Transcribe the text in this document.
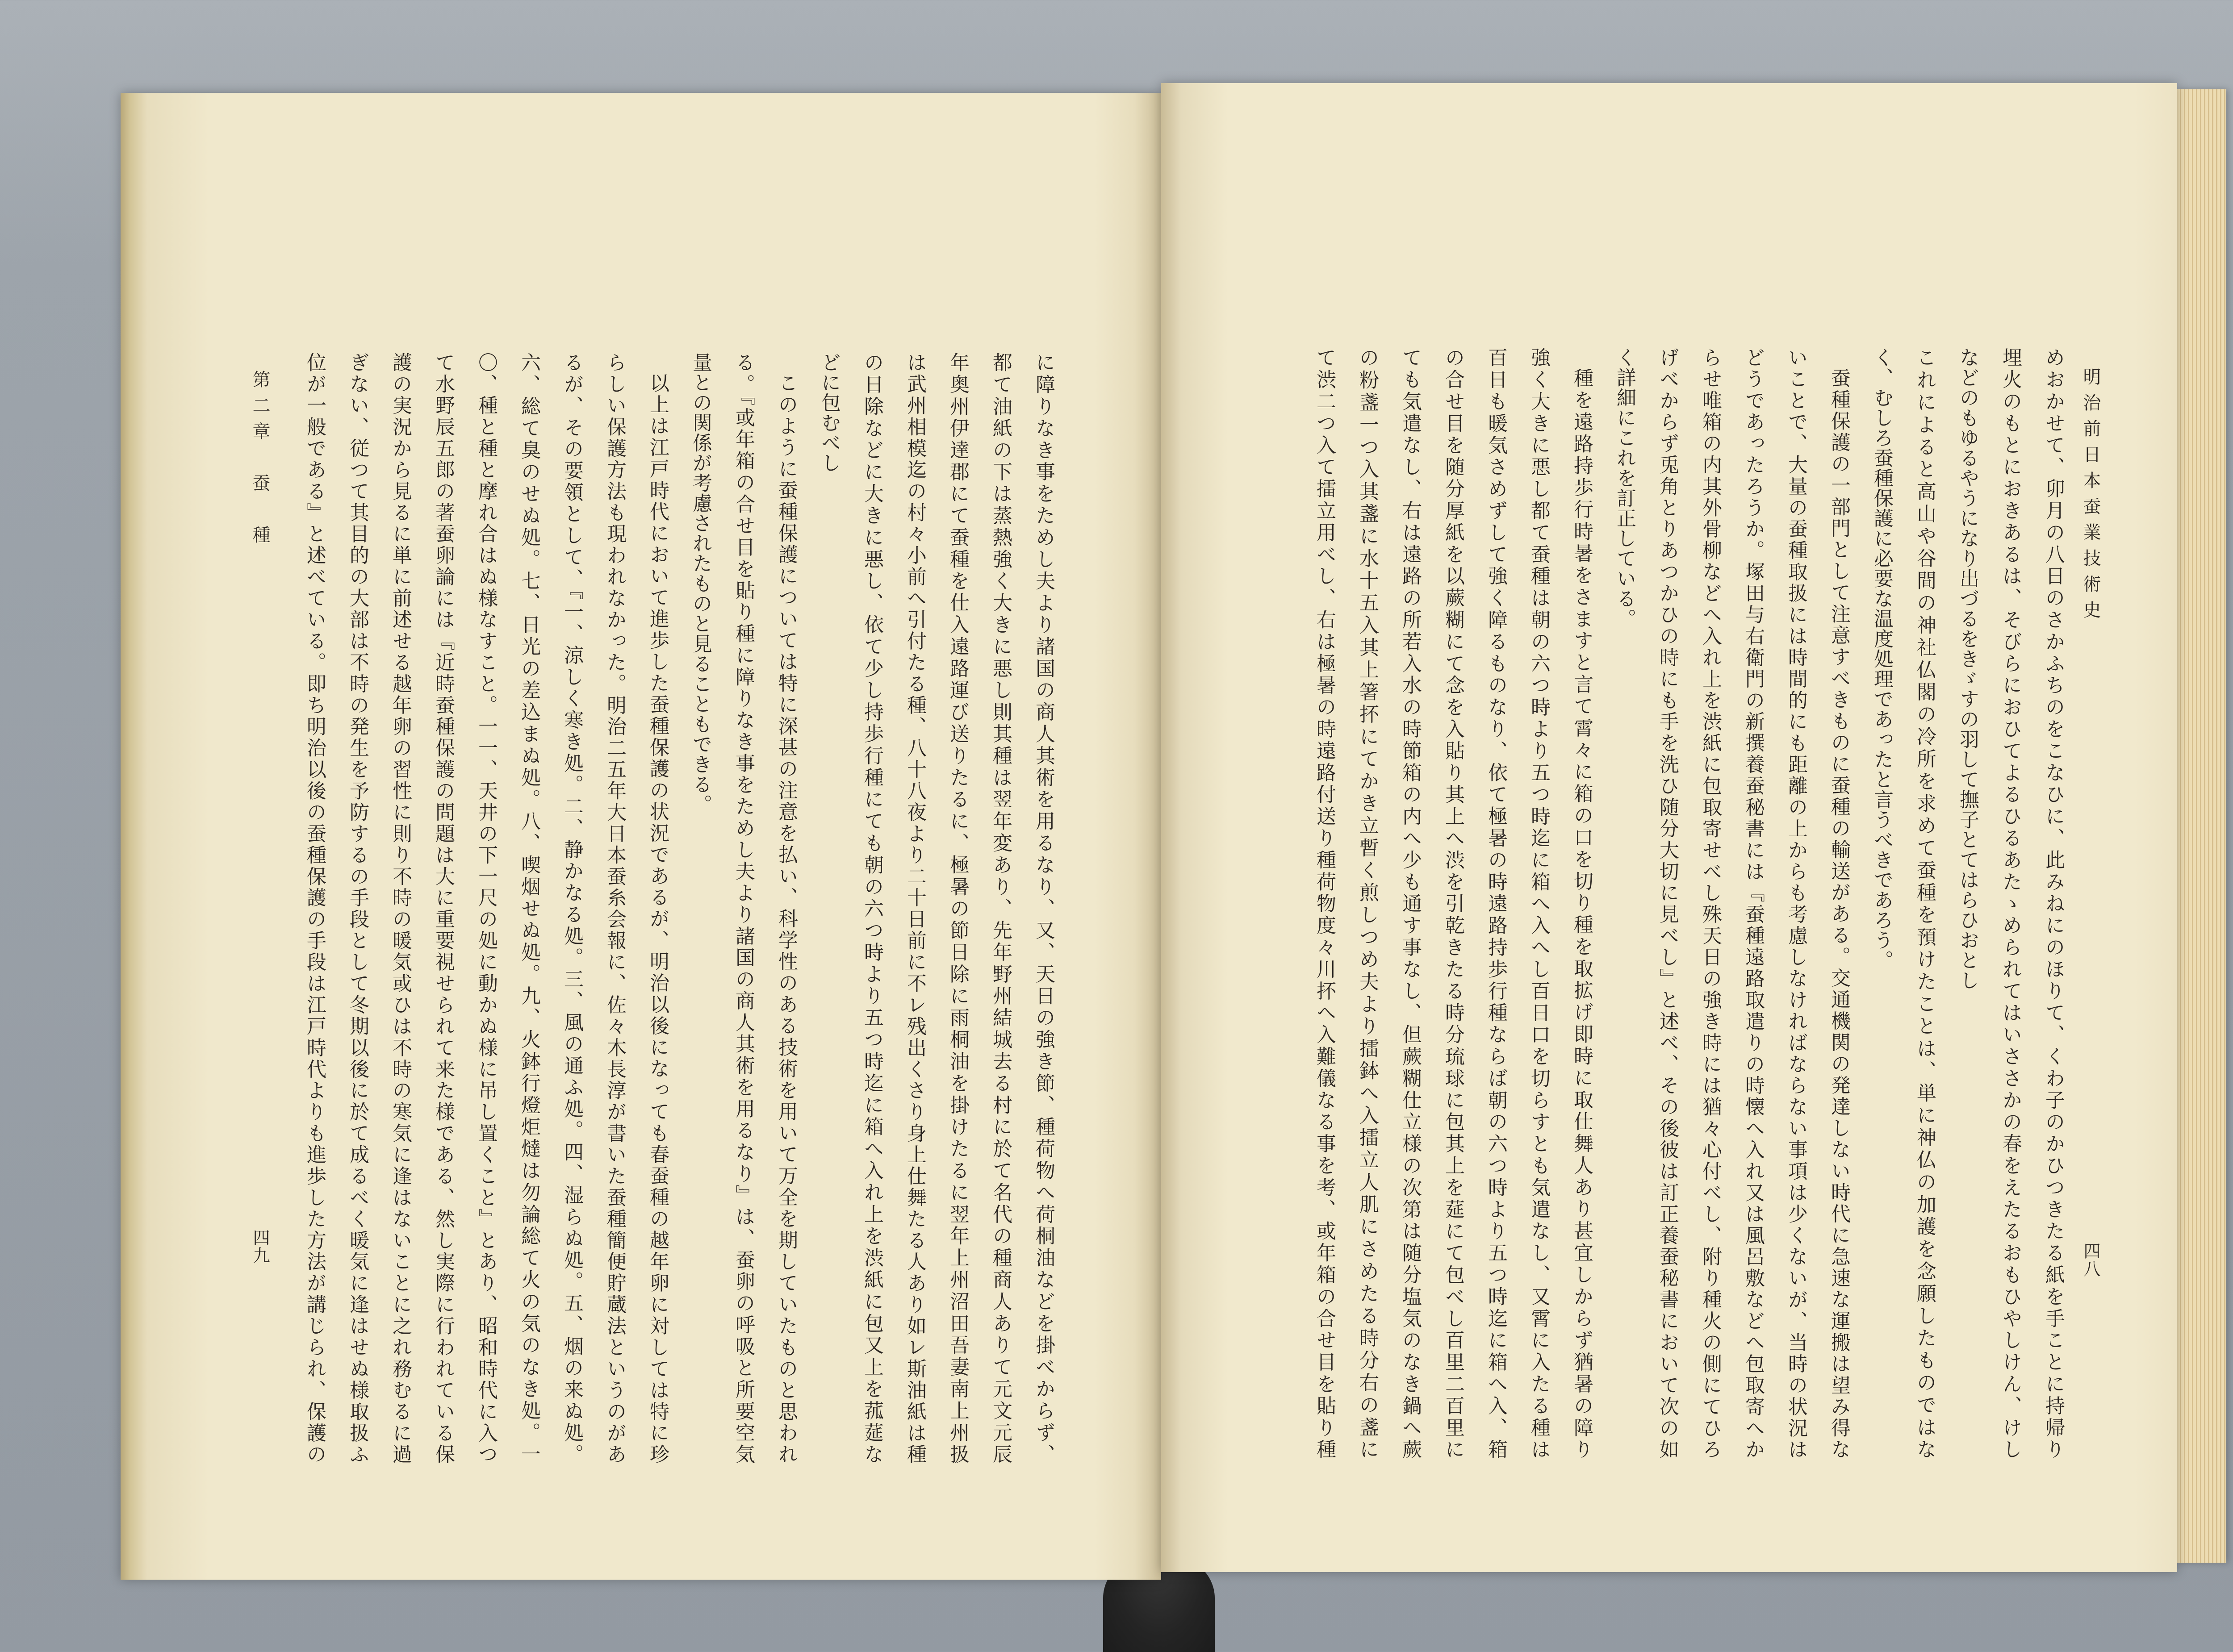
第二章　蚕　種
四九	に障りなき事をためし夫より諸国の商人其術を用るなり、又、天日の強き節、種荷物へ荷桐油などを掛べからず、
都て油紙の下は蒸熱強く大きに悪し則其種は翌年変あり、先年野州結城去る村に於て名代の種商人ありて元文元辰
年奥州伊達郡にて蚕種を仕入遠路運び送りたるに、極暑の節日除に雨桐油を掛けたるに翌年上州沼田吾妻南上州扱
は武州相模迄の村々小前へ引付たる種、八十八夜より二十日前に不レ残出くさり身上仕舞たる人あり如レ斯油紙は種
の日除などに大きに悪し、依て少し持歩行種にても朝の六つ時より五つ時迄に箱へ入れ上を渋紙に包又上を菰莚な
どに包むべし
このように蚕種保護については特に深甚の注意を払い、科学性のある技術を用いて万全を期していたものと思われ
る。『或年箱の合せ目を貼り種に障りなき事をためし夫より諸国の商人其術を用るなり』は、蚕卵の呼吸と所要空気
量との関係が考慮されたものと見ることもできる。
以上は江戸時代において進歩した蚕種保護の状況であるが、明治以後になっても春蚕種の越年卵に対しては特に珍
らしい保護方法も現われなかった。明治二五年大日本蚕糸会報に、佐々木長淳が書いた蚕種簡便貯蔵法というのがあ
るが、その要領として、『一、涼しく寒き処。二、静かなる処。三、風の通ふ処。四、湿らぬ処。五、烟の来ぬ処。
六、総て臭のせぬ処。七、日光の差込まぬ処。八、喫烟せぬ処。九、火鉢行燈炬燵は勿論総て火の気のなき処。一
〇、種と種と摩れ合はぬ様なすこと。一一、天井の下一尺の処に動かぬ様に吊し置くこと』とあり、昭和時代に入つ
て水野辰五郎の著蚕卵論には『近時蚕種保護の問題は大に重要視せられて来た様である、然し実際に行われている保
護の実況から見るに単に前述せる越年卵の習性に則り不時の暖気或ひは不時の寒気に逢はないことに之れ務むるに過
ぎない、従つて其目的の大部は不時の発生を予防するの手段として冬期以後に於て成るべく暖気に逢はせぬ様取扱ふ
位が一般である』と述べている。即ち明治以後の蚕種保護の手段は江戸時代よりも進歩した方法が講じられ、保護の	明治前日本蚕業技術史
四八
めおかせて、卯月の八日のさかふちのをこなひに、此みねにのほりて、くわ子のかひつきたる紙を手ことに持帰り
埋火のもとにおきあるは、そびらにおひてよるひるあたゝめられてはいささかの春をえたるおもひやしけん、けし
などのもゆるやうになり出づるをきゞすの羽して撫子とてはらひおとし
これによると高山や谷間の神社仏閣の冷所を求めて蚕種を預けたことは、単に神仏の加護を念願したものではな
く、むしろ蚕種保護に必要な温度処理であったと言うべきであろう。
蚕種保護の一部門として注意すべきものに蚕種の輸送がある。交通機関の発達しない時代に急速な運搬は望み得な
いことで、大量の蚕種取扱には時間的にも距離の上からも考慮しなければならない事項は少くないが、当時の状況は
どうであったろうか。塚田与右衛門の新撰養蚕秘書には『蚕種遠路取遣りの時懐へ入れ又は風呂敷などへ包取寄へか
らせ唯箱の内其外骨柳などへ入れ上を渋紙に包取寄せべし殊天日の強き時には猶々心付べし、附り種火の側にてひろ
げべからず兎角とりあつかひの時にも手を洗ひ随分大切に見べし』と述べ、その後彼は訂正養蚕秘書において次の如
く詳細にこれを訂正している。
種を遠路持歩行時暑をさますと言て霄々に箱の口を切り種を取拡げ即時に取仕舞人あり甚宜しからず猶暑の障り
強く大きに悪し都て蚕種は朝の六つ時より五つ時迄に箱へ入へし百日口を切らすとも気遣なし、又霄に入たる種は
百日も暖気さめずして強く障るものなり、依て極暑の時遠路持歩行種ならば朝の六つ時より五つ時迄に箱へ入、箱
の合せ目を随分厚紙を以蕨糊にて念を入貼り其上へ渋を引乾きたる時分琉球に包其上を莚にて包べし百里二百里に
ても気遣なし、右は遠路の所若入水の時節箱の内へ少も通す事なし、但蕨糊仕立様の次第は随分塩気のなき鍋へ蕨
の粉盞一つ入其盞に水十五入其上箸抔にてかき立暫く煎しつめ夫より擂鉢へ入擂立人肌にさめたる時分右の盞に
て渋二つ入て擂立用べし、右は極暑の時遠路付送り種荷物度々川抔へ入難儀なる事を考、或年箱の合せ目を貼り種
